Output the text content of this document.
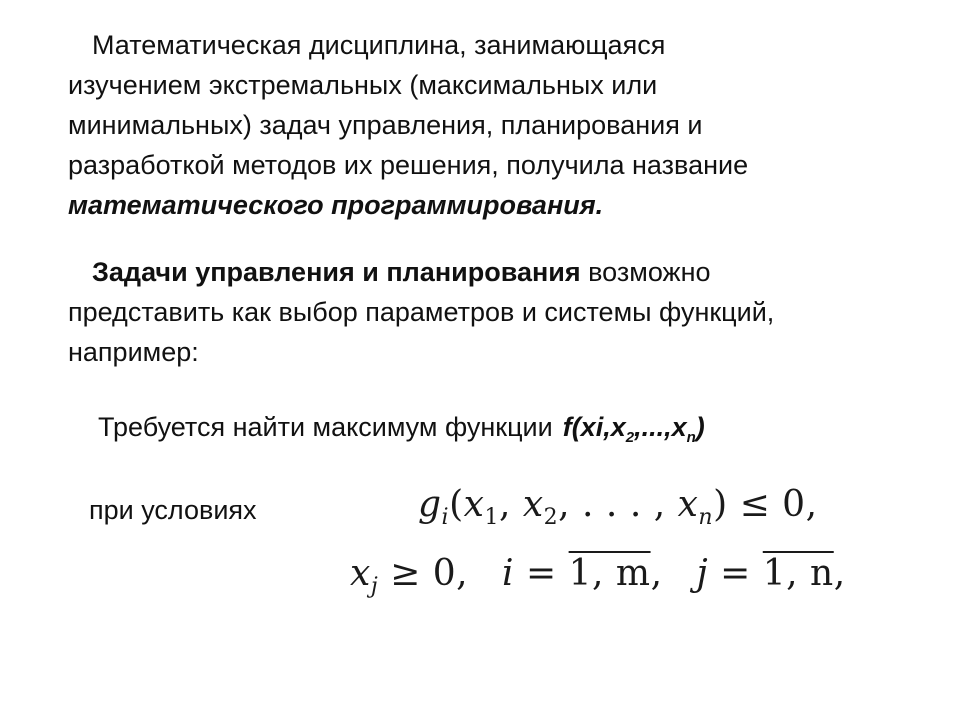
Математическая дисциплина, занимающаяся
изучением экстремальных (максимальных или
минимальных) задач управления, планирования и
разработкой методов их решения, получила название
математического программирования.
Задачи управления и планирования возможно
представить как выбор параметров и системы функций,
например:
Требуется найти максимум функции $f(xi,x_2,...,x_n)$
при условиях	$g_i(x_1$, $x_2$, . . . , $x_n) \le 0$,
$x_j \ge 0$, i = 1, m, j = 1, n,
